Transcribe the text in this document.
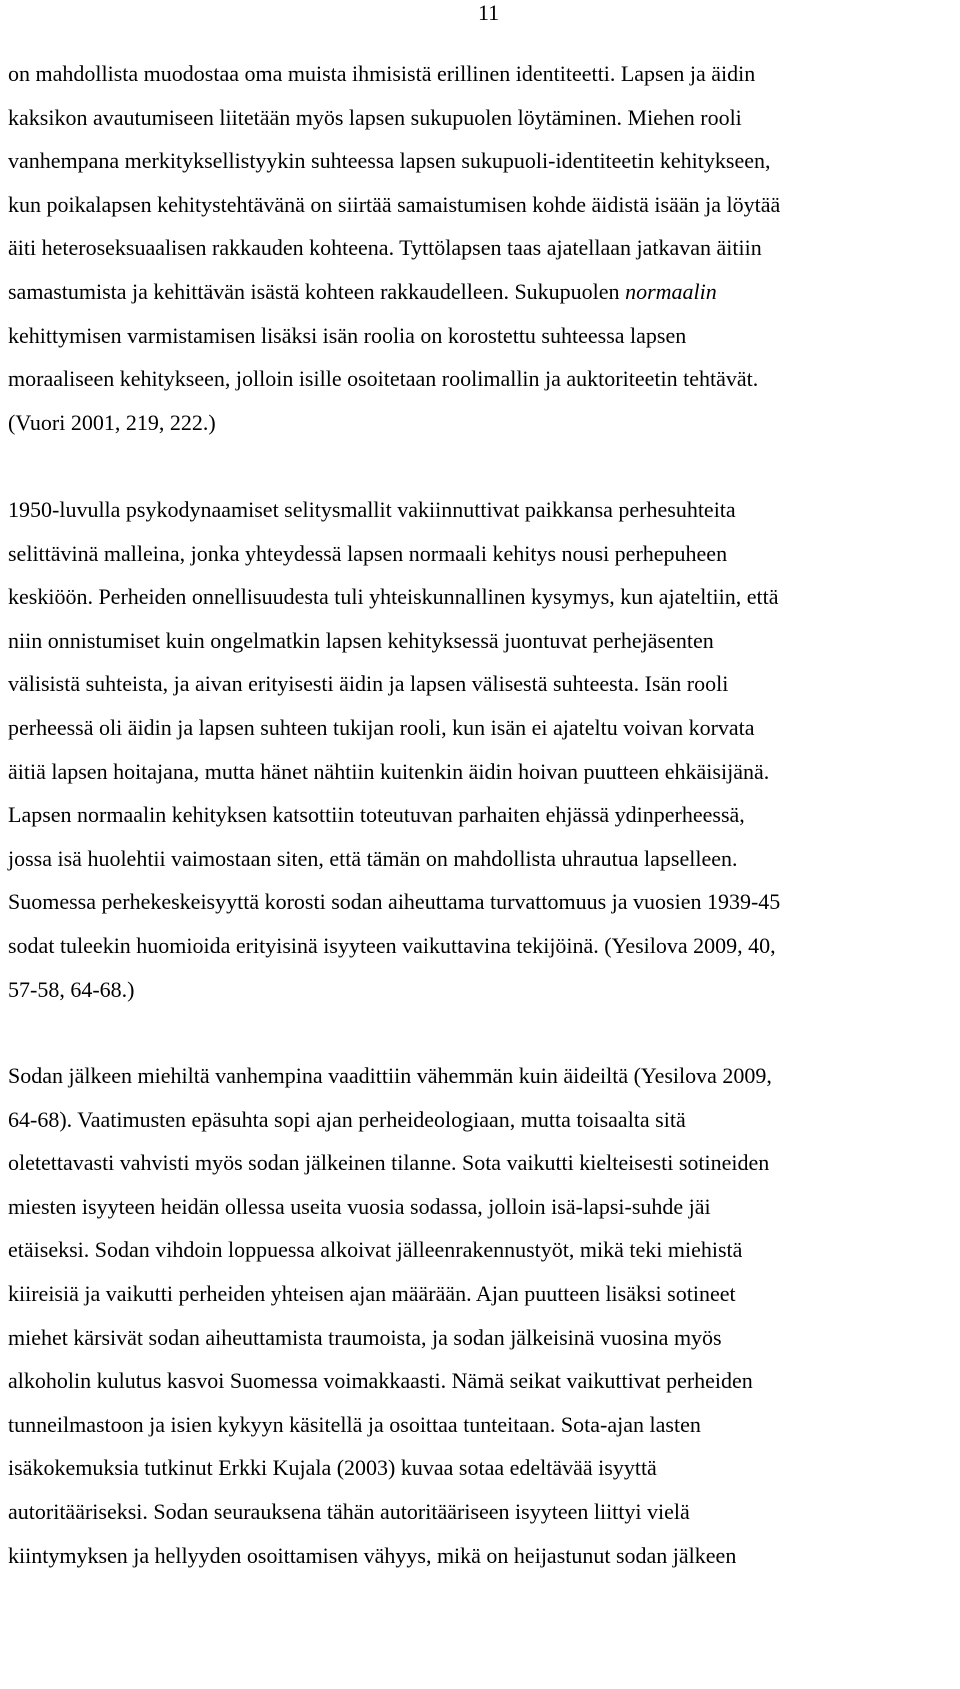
11
on mahdollista muodostaa oma muista ihmisistä erillinen identiteetti. Lapsen ja äidin
kaksikon avautumiseen liitetään myös lapsen sukupuolen löytäminen. Miehen rooli
vanhempana merkityksellistyykin suhteessa lapsen sukupuoli-identiteetin kehitykseen,
kun poikalapsen kehitystehtävänä on siirtää samaistumisen kohde äidistä isään ja löytää
äiti heteroseksuaalisen rakkauden kohteena. Tyttölapsen taas ajatellaan jatkavan äitiin
samastumista ja kehittävän isästä kohteen rakkaudelleen. Sukupuolen normaalin
kehittymisen varmistamisen lisäksi isän roolia on korostettu suhteessa lapsen
moraaliseen kehitykseen, jolloin isille osoitetaan roolimallin ja auktoriteetin tehtävät.
(Vuori 2001, 219, 222.)
1950-luvulla psykodynaamiset selitysmallit vakiinnuttivat paikkansa perhesuhteita
selittävinä malleina, jonka yhteydessä lapsen normaali kehitys nousi perhepuheen
keskiöön. Perheiden onnellisuudesta tuli yhteiskunnallinen kysymys, kun ajateltiin, että
niin onnistumiset kuin ongelmatkin lapsen kehityksessä juontuvat perhejäsenten
välisistä suhteista, ja aivan erityisesti äidin ja lapsen välisestä suhteesta. Isän rooli
perheessä oli äidin ja lapsen suhteen tukijan rooli, kun isän ei ajateltu voivan korvata
äitiä lapsen hoitajana, mutta hänet nähtiin kuitenkin äidin hoivan puutteen ehkäisijänä.
Lapsen normaalin kehityksen katsottiin toteutuvan parhaiten ehjässä ydinperheessä,
jossa isä huolehtii vaimostaan siten, että tämän on mahdollista uhrautua lapselleen.
Suomessa perhekeskeisyyttä korosti sodan aiheuttama turvattomuus ja vuosien 1939-45
sodat tuleekin huomioida erityisinä isyyteen vaikuttavina tekijöinä. (Yesilova 2009, 40,
57-58, 64-68.)
Sodan jälkeen miehiltä vanhempina vaadittiin vähemmän kuin äideiltä (Yesilova 2009,
64-68). Vaatimusten epäsuhta sopi ajan perheideologiaan, mutta toisaalta sitä
oletettavasti vahvisti myös sodan jälkeinen tilanne. Sota vaikutti kielteisesti sotineiden
miesten isyyteen heidän ollessa useita vuosia sodassa, jolloin isä-lapsi-suhde jäi
etäiseksi. Sodan vihdoin loppuessa alkoivat jälleenrakennustyöt, mikä teki miehistä
kiireisiä ja vaikutti perheiden yhteisen ajan määrään. Ajan puutteen lisäksi sotineet
miehet kärsivät sodan aiheuttamista traumoista, ja sodan jälkeisinä vuosina myös
alkoholin kulutus kasvoi Suomessa voimakkaasti. Nämä seikat vaikuttivat perheiden
tunneilmastoon ja isien kykyyn käsitellä ja osoittaa tunteitaan. Sota-ajan lasten
isäkokemuksia tutkinut Erkki Kujala (2003) kuvaa sotaa edeltävää isyyttä
autoritääriseksi. Sodan seurauksena tähän autoritääriseen isyyteen liittyi vielä
kiintymyksen ja hellyyden osoittamisen vähyys, mikä on heijastunut sodan jälkeen
